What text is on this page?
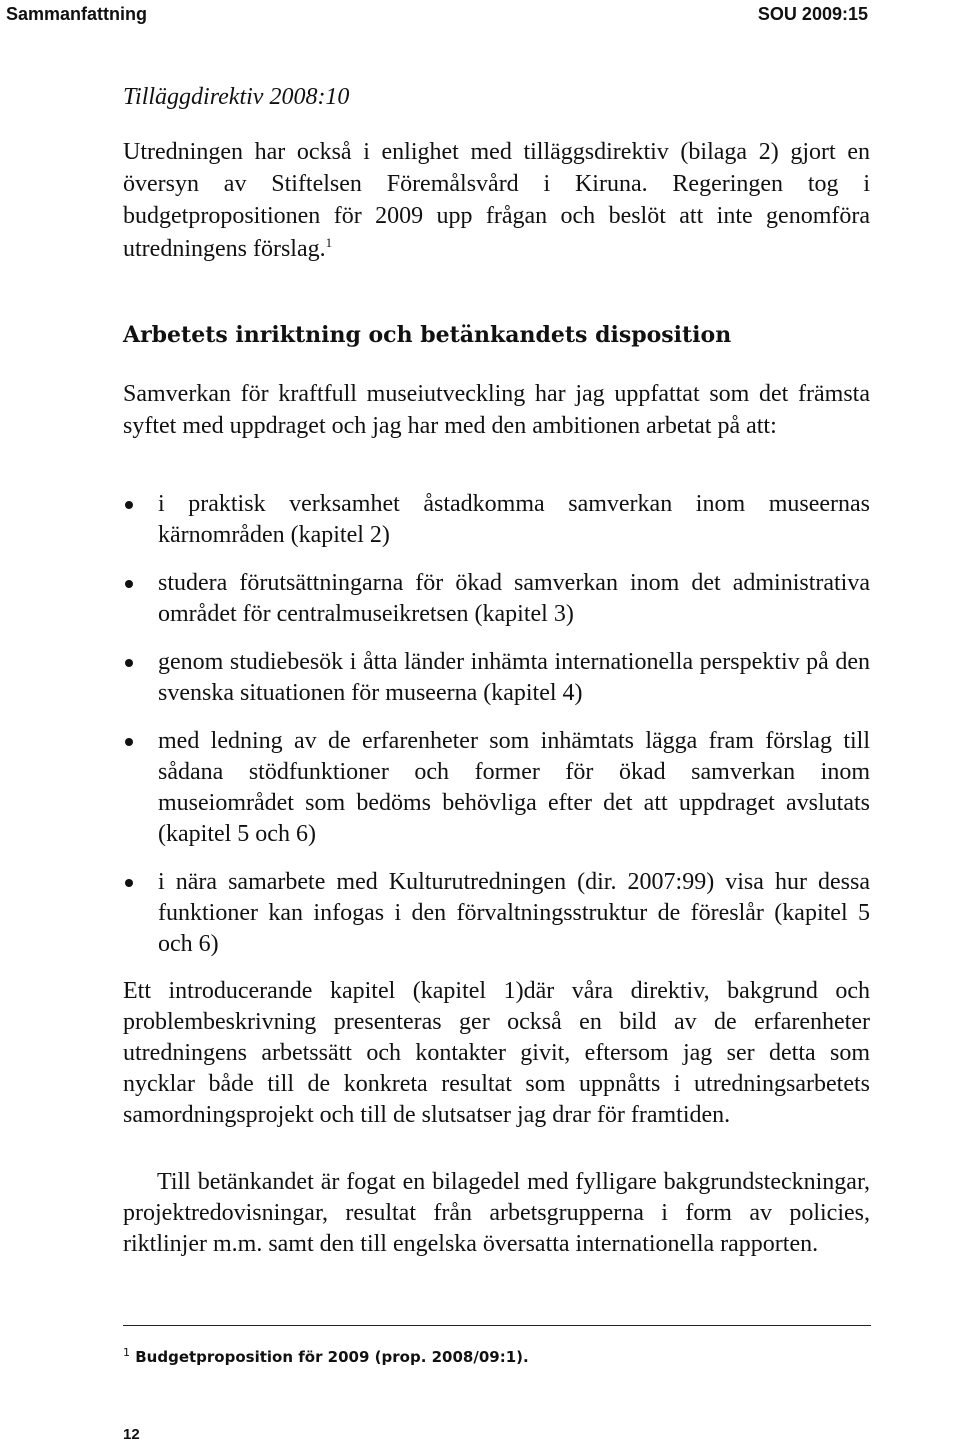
Sammanfattning	SOU 2009:15
Tilläggdirektiv 2008:10
Utredningen har också i enlighet med tilläggsdirektiv (bilaga 2) gjort en översyn av Stiftelsen Föremålsvård i Kiruna. Regeringen tog i budgetpropositionen för 2009 upp frågan och beslöt att inte genomföra utredningens förslag.$^1$
Arbetets inriktning och betänkandets disposition
Samverkan för kraftfull museiutveckling har jag uppfattat som det främsta syftet med uppdraget och jag har med den ambitionen arbetat på att:
i praktisk verksamhet åstadkomma samverkan inom museernas kärnområden (kapitel 2)
studera förutsättningarna för ökad samverkan inom det administrativa området för centralmuseikretsen (kapitel 3)
genom studiebesök i åtta länder inhämta internationella perspektiv på den svenska situationen för museerna (kapitel 4)
med ledning av de erfarenheter som inhämtats lägga fram förslag till sådana stödfunktioner och former för ökad samverkan inom museiområdet som bedöms behövliga efter det att uppdraget avslutats (kapitel 5 och 6)
i nära samarbete med Kulturutredningen (dir. 2007:99) visa hur dessa funktioner kan infogas i den förvaltningsstruktur de föreslår (kapitel 5 och 6)
Ett introducerande kapitel (kapitel 1)där våra direktiv, bakgrund och problembeskrivning presenteras ger också en bild av de erfarenheter utredningens arbetssätt och kontakter givit, eftersom jag ser detta som nycklar både till de konkreta resultat som uppnåtts i utredningsarbetets samordningsprojekt och till de slutsatser jag drar för framtiden.
Till betänkandet är fogat en bilagedel med fylligare bakgrundsteckningar, projektredovisningar, resultat från arbetsgrupperna i form av policies, riktlinjer m.m. samt den till engelska översatta internationella rapporten.
$^1$ Budgetproposition för 2009 (prop. 2008/09:1).
12
